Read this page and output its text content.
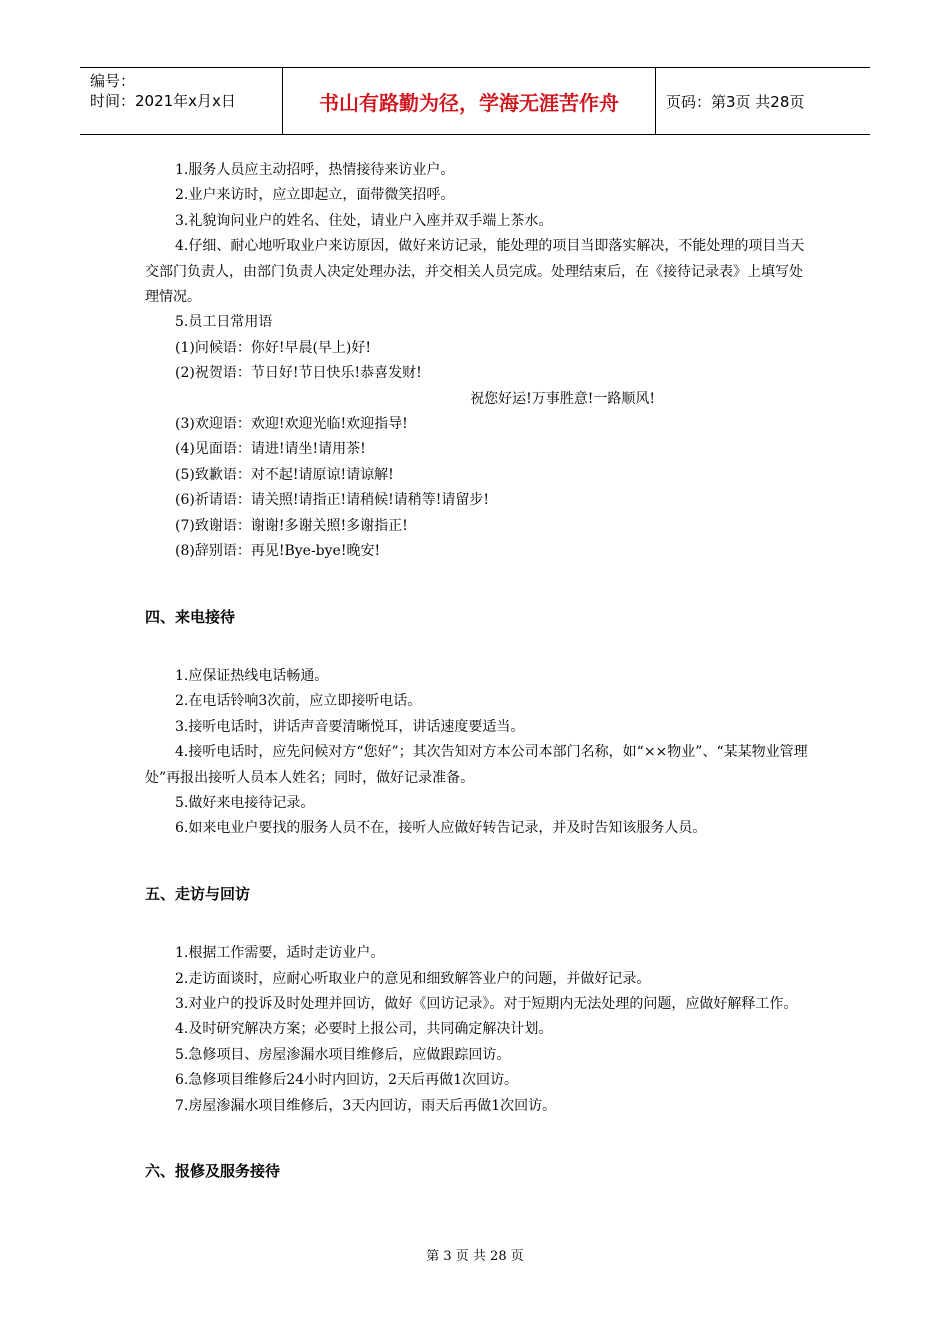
编号：
时间：2021年x月x日	书山有路勤为径，学海无涯苦作舟	页码：第3页 共28页

1.服务人员应主动招呼，热情接待来访业户。

2.业户来访时，应立即起立，面带微笑招呼。

3.礼貌询问业户的姓名、住处，请业户入座并双手端上茶水。

4.仔细、耐心地听取业户来访原因，做好来访记录，能处理的项目当即落实解决，不能处理的项目当天交部门负责人，由部门负责人决定处理办法，并交相关人员完成。处理结束后，在《接待记录表》上填写处理情况。

5.员工日常用语

(1)问候语：你好!早晨(早上)好!

(2)祝贺语：节日好!节日快乐!恭喜发财!

祝您好运!万事胜意!一路顺风!

(3)欢迎语：欢迎!欢迎光临!欢迎指导!

(4)见面语：请进!请坐!请用茶!

(5)致歉语：对不起!请原谅!请谅解!

(6)祈请语：请关照!请指正!请稍候!请稍等!请留步!

(7)致谢语：谢谢!多谢关照!多谢指正!

(8)辞别语：再见!Bye-bye!晚安!

四、来电接待

1.应保证热线电话畅通。

2.在电话铃响3次前，应立即接听电话。

3.接听电话时，讲话声音要清晰悦耳，讲话速度要适当。

4.接听电话时，应先问候对方“您好”；其次告知对方本公司本部门名称，如“××物业”、“某某物业管理处”再报出接听人员本人姓名；同时，做好记录准备。

5.做好来电接待记录。

6.如来电业户要找的服务人员不在，接听人应做好转告记录，并及时告知该服务人员。

五、走访与回访

1.根据工作需要，适时走访业户。

2.走访面谈时，应耐心听取业户的意见和细致解答业户的问题，并做好记录。

3.对业户的投诉及时处理并回访，做好《回访记录》。对于短期内无法处理的问题，应做好解释工作。

4.及时研究解决方案；必要时上报公司，共同确定解决计划。

5.急修项目、房屋渗漏水项目维修后，应做跟踪回访。

6.急修项目维修后24小时内回访，2天后再做1次回访。

7.房屋渗漏水项目维修后，3天内回访，雨天后再做1次回访。

六、报修及服务接待

第 3 页 共 28 页
